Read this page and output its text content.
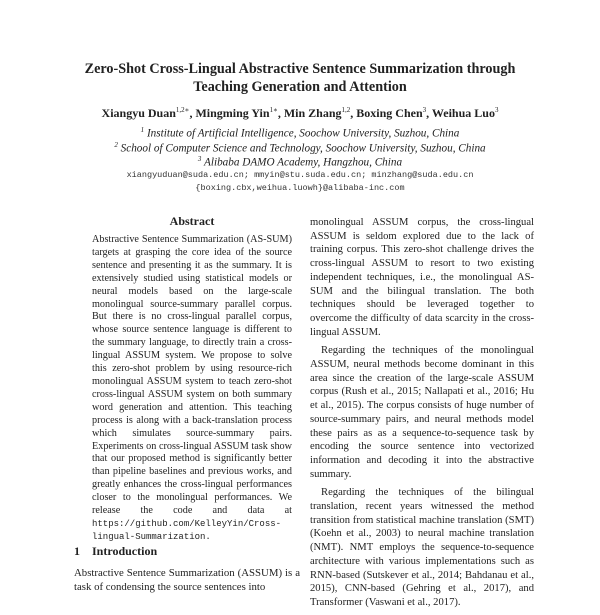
Zero-Shot Cross-Lingual Abstractive Sentence Summarization through Teaching Generation and Attention
Xiangyu Duan$^{1,2∗}$, Mingming Yin$^{1∗}$, Min Zhang$^{1,2}$, Boxing Chen$^3$, Weihua Luo$^3$
$^1$ Institute of Artificial Intelligence, Soochow University, Suzhou, China
$^2$ School of Computer Science and Technology, Soochow University, Suzhou, China
$^3$ Alibaba DAMO Academy, Hangzhou, China
xiangyuduan@suda.edu.cn; mmyin@stu.suda.edu.cn; minzhang@suda.edu.cn
{boxing.cbx,weihua.luowh}@alibaba-inc.com
Abstract
Abstractive Sentence Summarization (AS-SUM) targets at grasping the core idea of the source sentence and presenting it as the summary. It is extensively studied using statistical models or neural models based on the large-scale monolingual source-summary parallel corpus. But there is no cross-lingual parallel corpus, whose source sentence language is different to the summary language, to directly train a cross-lingual ASSUM system. We propose to solve this zero-shot problem by using resource-rich monolingual ASSUM system to teach zero-shot cross-lingual ASSUM system on both summary word generation and attention. This teaching process is along with a back-translation process which simulates source-summary pairs. Experiments on cross-lingual ASSUM task show that our proposed method is significantly better than pipeline baselines and previous works, and greatly enhances the cross-lingual performances closer to the monolingual performances. We release the code and data at https://github.com/KelleyYin/Cross-lingual-Summarization.
1 Introduction
Abstractive Sentence Summarization (ASSUM) is a task of condensing the source sentences into

monolingual ASSUM corpus, the cross-lingual ASSUM is seldom explored due to the lack of training corpus. This zero-shot challenge drives the cross-lingual ASSUM to resort to two existing independent techniques, i.e., the monolingual AS-SUM and the bilingual translation. The both techniques should be leveraged together to overcome the difficulty of data scarcity in the cross-lingual ASSUM.

Regarding the techniques of the monolingual ASSUM, neural methods become dominant in this area since the creation of the large-scale ASSUM corpus (Rush et al., 2015; Nallapati et al., 2016; Hu et al., 2015). The corpus consists of huge number of source-summary pairs, and neural methods model these pairs as as a sequence-to-sequence task by encoding the source sentence into vectorized information and decoding it into the abstractive summary.

Regarding the techniques of the bilingual translation, recent years witnessed the method transition from statistical machine translation (SMT) (Koehn et al., 2003) to neural machine translation (NMT). NMT employs the sequence-to-sequence architecture with various implementations such as RNN-based (Sutskever et al., 2014; Bahdanau et al., 2015), CNN-based (Gehring et al., 2017), and Transformer (Vaswani et al., 2017).
